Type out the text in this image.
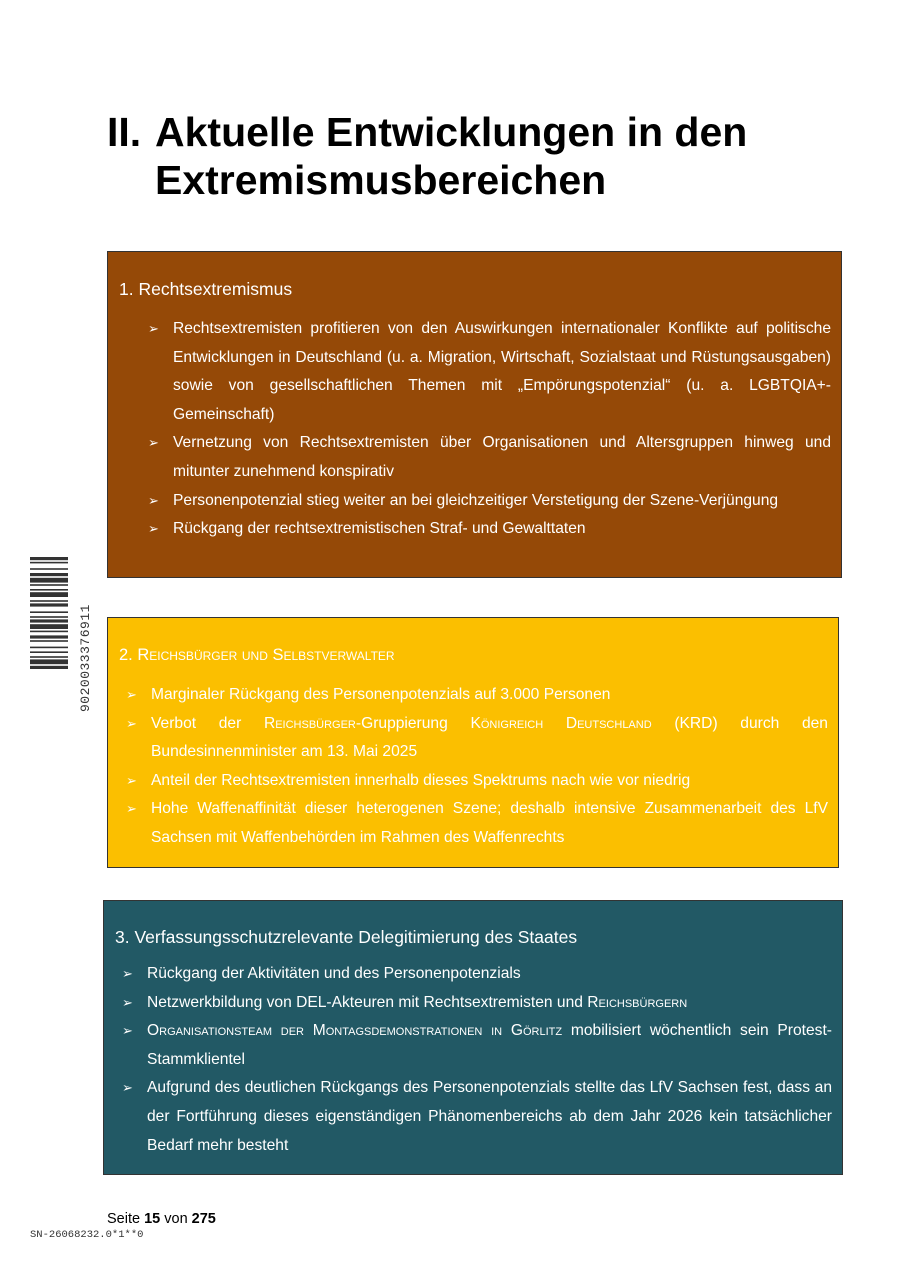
II. Aktuelle Entwicklungen in den Extremismusbereichen
1. Rechtsextremismus
➢ Rechtsextremisten profitieren von den Auswirkungen internationaler Konflikte auf politische Entwicklungen in Deutschland (u. a. Migration, Wirtschaft, Sozialstaat und Rüstungsausgaben) sowie von gesellschaftlichen Themen mit „Empörungspotenzial“ (u. a. LGBTQIA+-Gemeinschaft)
➢ Vernetzung von Rechtsextremisten über Organisationen und Altersgruppen hinweg und mitunter zunehmend konspirativ
➢ Personenpotenzial stieg weiter an bei gleichzeitiger Verstetigung der Szene-Verjüngung
➢ Rückgang der rechtsextremistischen Straf- und Gewalttaten
2. Reichsbürger und Selbstverwalter
➢ Marginaler Rückgang des Personenpotenzials auf 3.000 Personen
➢ Verbot der Reichsbürger-Gruppierung Königreich Deutschland (KRD) durch den Bundesinnenminister am 13. Mai 2025
➢ Anteil der Rechtsextremisten innerhalb dieses Spektrums nach wie vor niedrig
➢ Hohe Waffenaffinität dieser heterogenen Szene; deshalb intensive Zusammenarbeit des LfV Sachsen mit Waffenbehörden im Rahmen des Waffenrechts
3. Verfassungsschutzrelevante Delegitimierung des Staates
➢ Rückgang der Aktivitäten und des Personenpotenzials
➢ Netzwerkbildung von DEL-Akteuren mit Rechtsextremisten und Reichsbürgern
➢ Organisationsteam der Montagsdemonstrationen in Görlitz mobilisiert wöchentlich sein Protest-Stammklientel
➢ Aufgrund des deutlichen Rückgangs des Personenpotenzials stellte das LfV Sachsen fest, dass an der Fortführung dieses eigenständigen Phänomenbereichs ab dem Jahr 2026 kein tatsächlicher Bedarf mehr besteht
9020033376911
Seite 15 von 275
SN-26068232.0*1**0
